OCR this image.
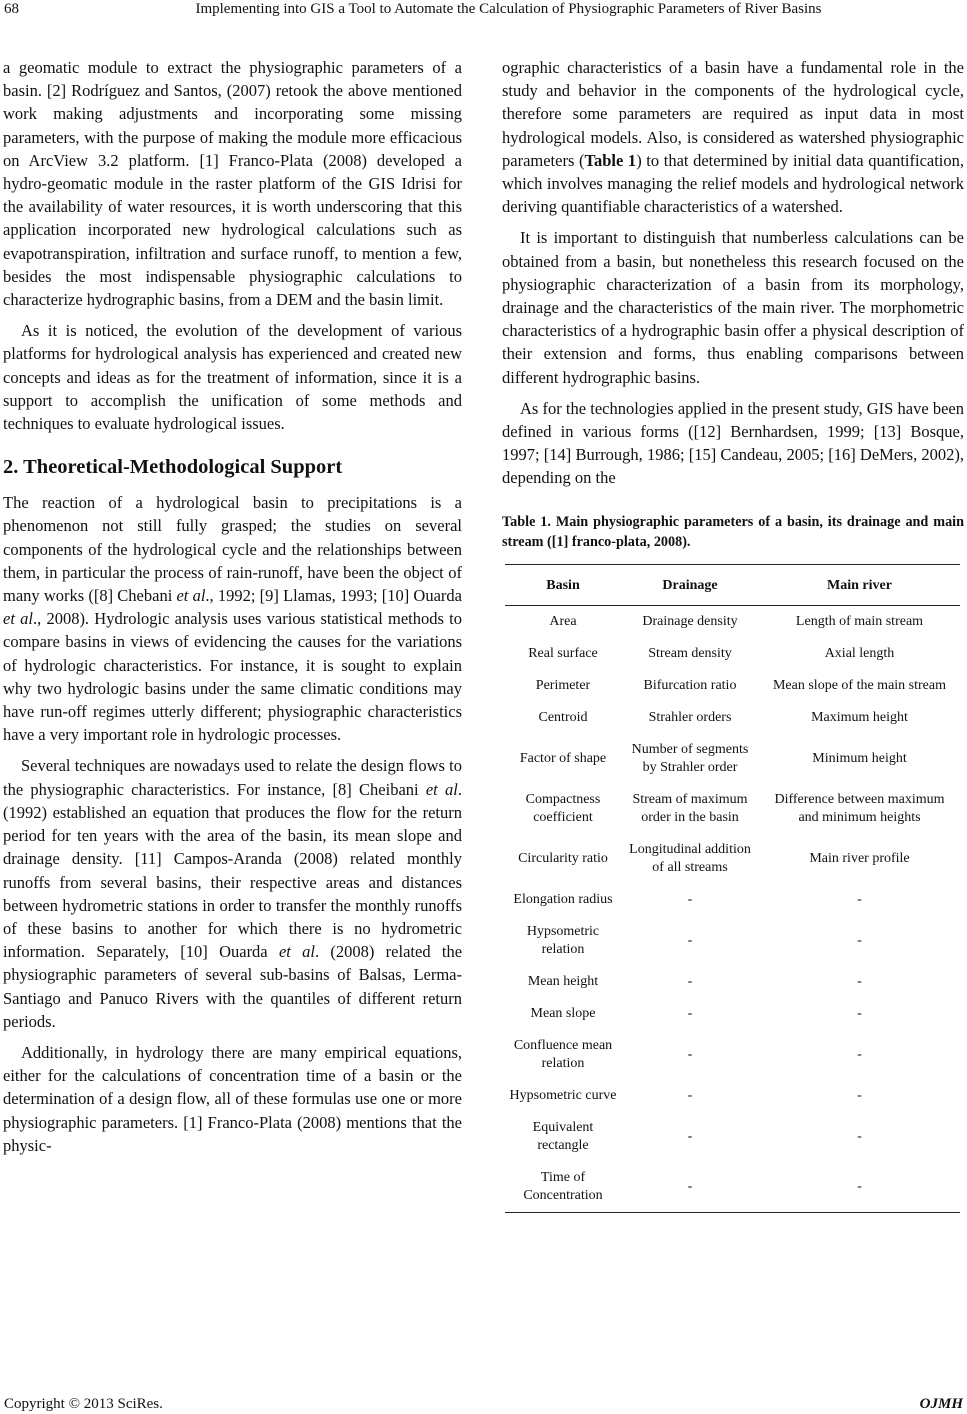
68	Implementing into GIS a Tool to Automate the Calculation of Physiographic Parameters of River Basins

a geomatic module to extract the physiographic parameters of a basin. [2] Rodríguez and Santos, (2007) retook the above mentioned work making adjustments and incorporating some missing parameters, with the purpose of making the module more efficacious on ArcView 3.2 platform. [1] Franco-Plata (2008) developed a hydro-geomatic module in the raster platform of the GIS Idrisi for the availability of water resources, it is worth underscoring that this application incorporated new hydrological calculations such as evapotranspiration, infiltration and surface runoff, to mention a few, besides the most indispensable physiographic calculations to characterize hydrographic basins, from a DEM and the basin limit.

As it is noticed, the evolution of the development of various platforms for hydrological analysis has experienced and created new concepts and ideas as for the treatment of information, since it is a support to accomplish the unification of some methods and techniques to evaluate hydrological issues.

2. Theoretical-Methodological Support

The reaction of a hydrological basin to precipitations is a phenomenon not still fully grasped; the studies on several components of the hydrological cycle and the relationships between them, in particular the process of rain-runoff, have been the object of many works ([8] Chebani et al., 1992; [9] Llamas, 1993; [10] Ouarda et al., 2008). Hydrologic analysis uses various statistical methods to compare basins in views of evidencing the causes for the variations of hydrologic characteristics. For instance, it is sought to explain why two hydrologic basins under the same climatic conditions may have run-off regimes utterly different; physiographic characteristics have a very important role in hydrologic processes.

Several techniques are nowadays used to relate the design flows to the physiographic characteristics. For instance, [8] Cheibani et al. (1992) established an equation that produces the flow for the return period for ten years with the area of the basin, its mean slope and drainage density. [11] Campos-Aranda (2008) related monthly runoffs from several basins, their respective areas and distances between hydrometric stations in order to transfer the monthly runoffs of these basins to another for which there is no hydrometric information. Separately, [10] Ouarda et al. (2008) related the physiographic parameters of several sub-basins of Balsas, Lerma-Santiago and Panuco Rivers with the quantiles of different return periods.

Additionally, in hydrology there are many empirical equations, either for the calculations of concentration time of a basin or the determination of a design flow, all of these formulas use one or more physiographic parameters. [1] Franco-Plata (2008) mentions that the physic-

ographic characteristics of a basin have a fundamental role in the study and behavior in the components of the hydrological cycle, therefore some parameters are required as input data in most hydrological models. Also, is considered as watershed physiographic parameters (Table 1) to that determined by initial data quantification, which involves managing the relief models and hydrological network deriving quantifiable characteristics of a watershed.

It is important to distinguish that numberless calculations can be obtained from a basin, but nonetheless this research focused on the physiographic characterization of a basin from its morphology, drainage and the characteristics of the main river. The morphometric characteristics of a hydrographic basin offer a physical description of their extension and forms, thus enabling comparisons between different hydrographic basins.

As for the technologies applied in the present study, GIS have been defined in various forms ([12] Bernhardsen, 1999; [13] Bosque, 1997; [14] Burrough, 1986; [15] Candeau, 2005; [16] DeMers, 2002), depending on the

Table 1. Main physiographic parameters of a basin, its drainage and main stream ([1] franco-plata, 2008).
Basin	Drainage	Main river
Area	Drainage density	Length of main stream
Real surface	Stream density	Axial length
Perimeter	Bifurcation ratio	Mean slope of the main stream
Centroid	Strahler orders	Maximum height
Factor of shape	Number of segments by Strahler order	Minimum height
Compactness coefficient	Stream of maximum order in the basin	Difference between maximum and minimum heights
Circularity ratio	Longitudinal addition of all streams	Main river profile
Elongation radius	-	-
Hypsometric relation	-	-
Mean height	-	-
Mean slope	-	-
Confluence mean relation	-	-
Hypsometric curve	-	-
Equivalent rectangle	-	-
Time of Concentration	-	-
Copyright © 2013 SciRes.	OJMH
